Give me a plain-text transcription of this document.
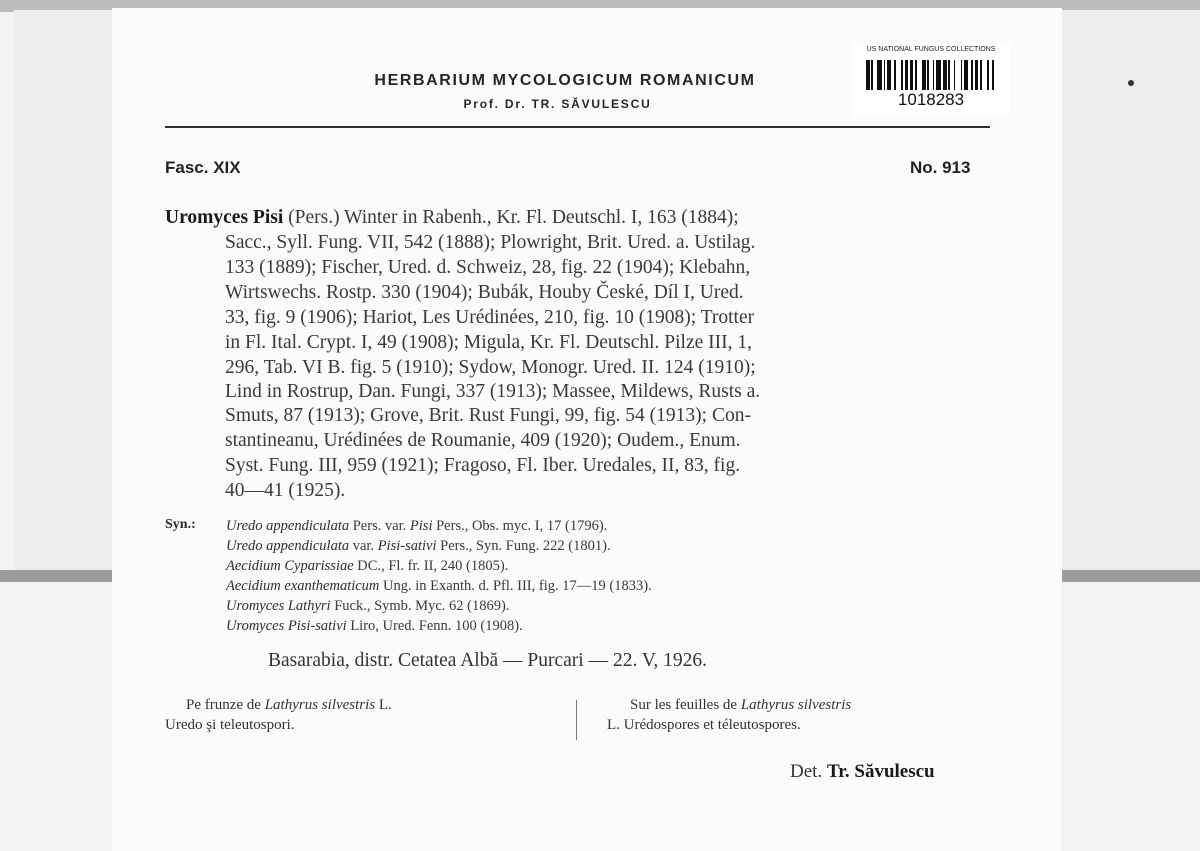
HERBARIUM MYCOLOGICUM ROMANICUM
Prof. Dr. TR. SĂVULESCU
US NATIONAL FUNGUS COLLECTIONS
1018283
Fasc. XIX	No. 913
Uromyces Pisi (Pers.) Winter in Rabenh., Kr. Fl. Deutschl. I, 163 (1884);
Sacc., Syll. Fung. VII, 542 (1888); Plowright, Brit. Ured. a. Ustilag.
133 (1889); Fischer, Ured. d. Schweiz, 28, fig. 22 (1904); Klebahn,
Wirtswechs. Rostp. 330 (1904); Bubák, Houby České, Díl I, Ured.
33, fig. 9 (1906); Hariot, Les Urédinées, 210, fig. 10 (1908); Trotter
in Fl. Ital. Crypt. I, 49 (1908); Migula, Kr. Fl. Deutschl. Pilze III, 1,
296, Tab. VI B. fig. 5 (1910); Sydow, Monogr. Ured. II. 124 (1910);
Lind in Rostrup, Dan. Fungi, 337 (1913); Massee, Mildews, Rusts a.
Smuts, 87 (1913); Grove, Brit. Rust Fungi, 99, fig. 54 (1913); Con-
stantineanu, Urédinées de Roumanie, 409 (1920); Oudem., Enum.
Syst. Fung. III, 959 (1921); Fragoso, Fl. Iber. Uredales, II, 83, fig.
40—41 (1925).
Syn.: Uredo appendiculata Pers. var. Pisi Pers., Obs. myc. I, 17 (1796).
Uredo appendiculata var. Pisi-sativi Pers., Syn. Fung. 222 (1801).
Aecidium Cyparissiae DC., Fl. fr. II, 240 (1805).
Aecidium exanthematicum Ung. in Exanth. d. Pfl. III, fig. 17—19 (1833).
Uromyces Lathyri Fuck., Symb. Myc. 62 (1869).
Uromyces Pisi-sativi Liro, Ured. Fenn. 100 (1908).
Basarabia, distr. Cetatea Albă — Purcari — 22. V, 1926.
Pe frunze de Lathyrus silvestris L.
Uredo şi teleutospori.
Sur les feuilles de Lathyrus silvestris
L. Urédospores et téleutospores.
Det. Tr. Săvulescu
